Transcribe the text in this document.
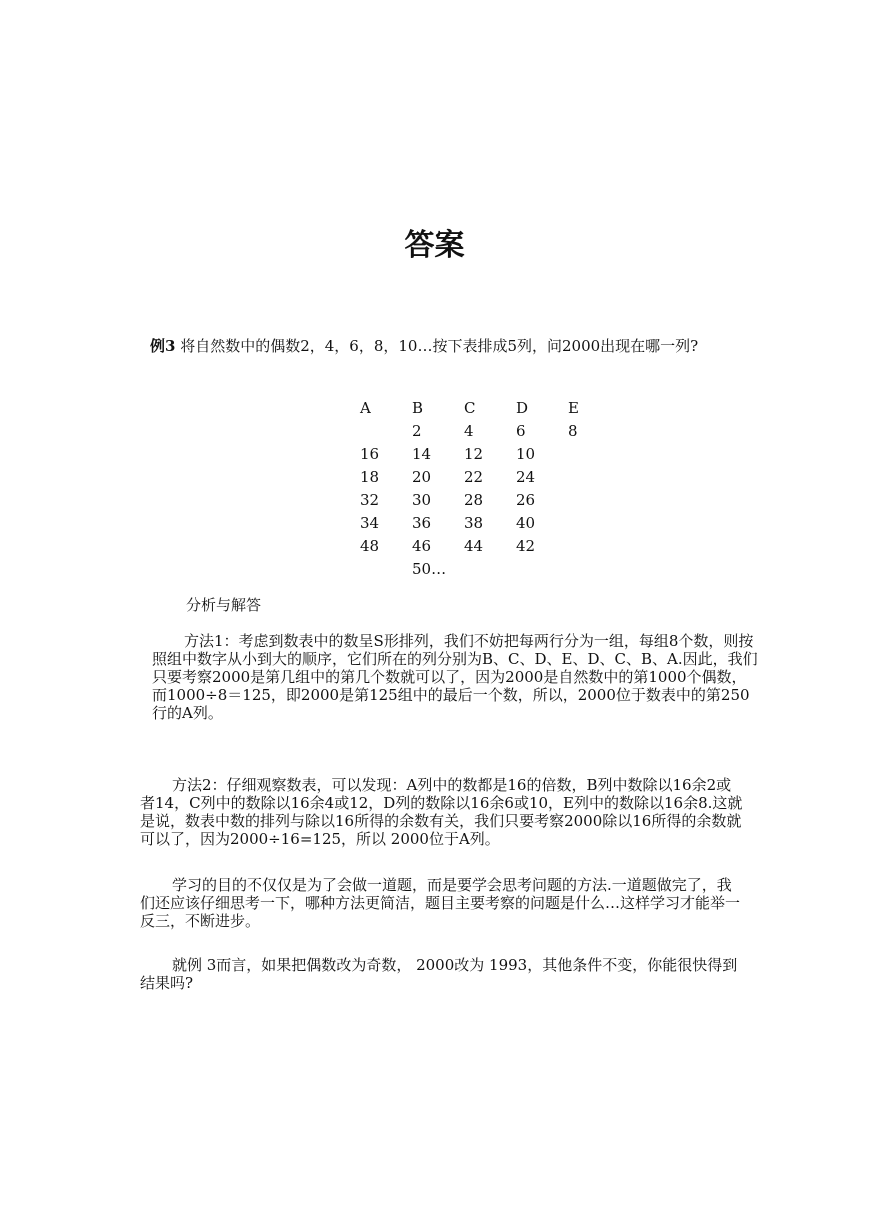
答案

例3 将自然数中的偶数2，4，6，8，10…按下表排成5列，问2000出现在哪一列?

A	B	C	D	E
	2	4	6	8
16	14	12	10	
18	20	22	24	
32	30	28	26	
34	36	38	40	
48	46	44	42	
	50…			

分析与解答

方法1：考虑到数表中的数呈S形排列，我们不妨把每两行分为一组，每组8个数，则按照组中数字从小到大的顺序，它们所在的列分别为B、C、D、E、D、C、B、A.因此，我们只要考察2000是第几组中的第几个数就可以了，因为2000是自然数中的第1000个偶数，而1000÷8＝125，即2000是第125组中的最后一个数，所以，2000位于数表中的第250行的A列。

方法2：仔细观察数表，可以发现：A列中的数都是16的倍数，B列中数除以16余2或者14，C列中的数除以16余4或12，D列的数除以16余6或10，E列中的数除以16余8.这就是说，数表中数的排列与除以16所得的余数有关，我们只要考察2000除以16所得的余数就可以了，因为2000÷16=125，所以 2000位于A列。

学习的目的不仅仅是为了会做一道题，而是要学会思考问题的方法.一道题做完了，我们还应该仔细思考一下，哪种方法更简洁，题目主要考察的问题是什么…这样学习才能举一反三，不断进步。

就例 3而言，如果把偶数改为奇数， 2000改为 1993，其他条件不变，你能很快得到结果吗?
